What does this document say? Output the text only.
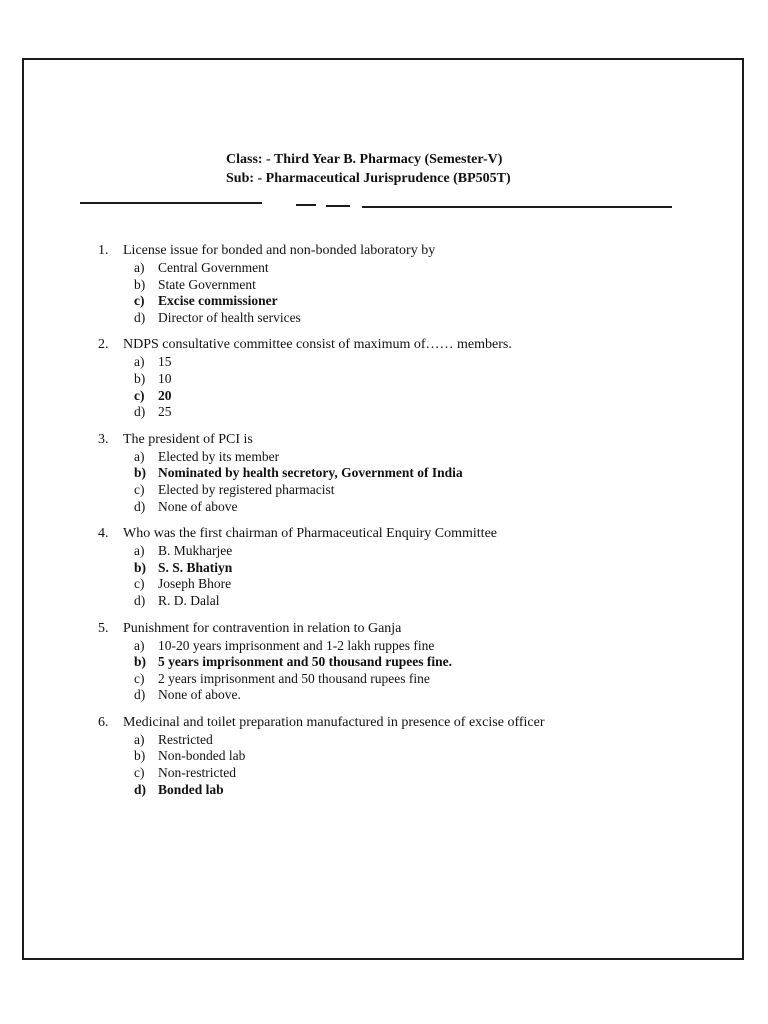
Class: - Third Year B. Pharmacy (Semester-V)
Sub: - Pharmaceutical Jurisprudence (BP505T)
1. License issue for bonded and non-bonded laboratory by
a) Central Government
b) State Government
c) Excise commissioner
d) Director of health services
2. NDPS consultative committee consist of maximum of…… members.
a) 15
b) 10
c) 20
d) 25
3. The president of PCI is
a) Elected by its member
b) Nominated by health secretory, Government of India
c) Elected by registered pharmacist
d) None of above
4. Who was the first chairman of Pharmaceutical Enquiry Committee
a) B. Mukharjee
b) S. S. Bhatiyn
c) Joseph Bhore
d) R. D. Dalal
5. Punishment for contravention in relation to Ganja
a) 10-20 years imprisonment and 1-2 lakh ruppes fine
b) 5 years imprisonment and 50 thousand rupees fine.
c) 2 years imprisonment and 50 thousand rupees fine
d) None of above.
6. Medicinal and toilet preparation manufactured in presence of excise officer
a) Restricted
b) Non-bonded lab
c) Non-restricted
d) Bonded lab
